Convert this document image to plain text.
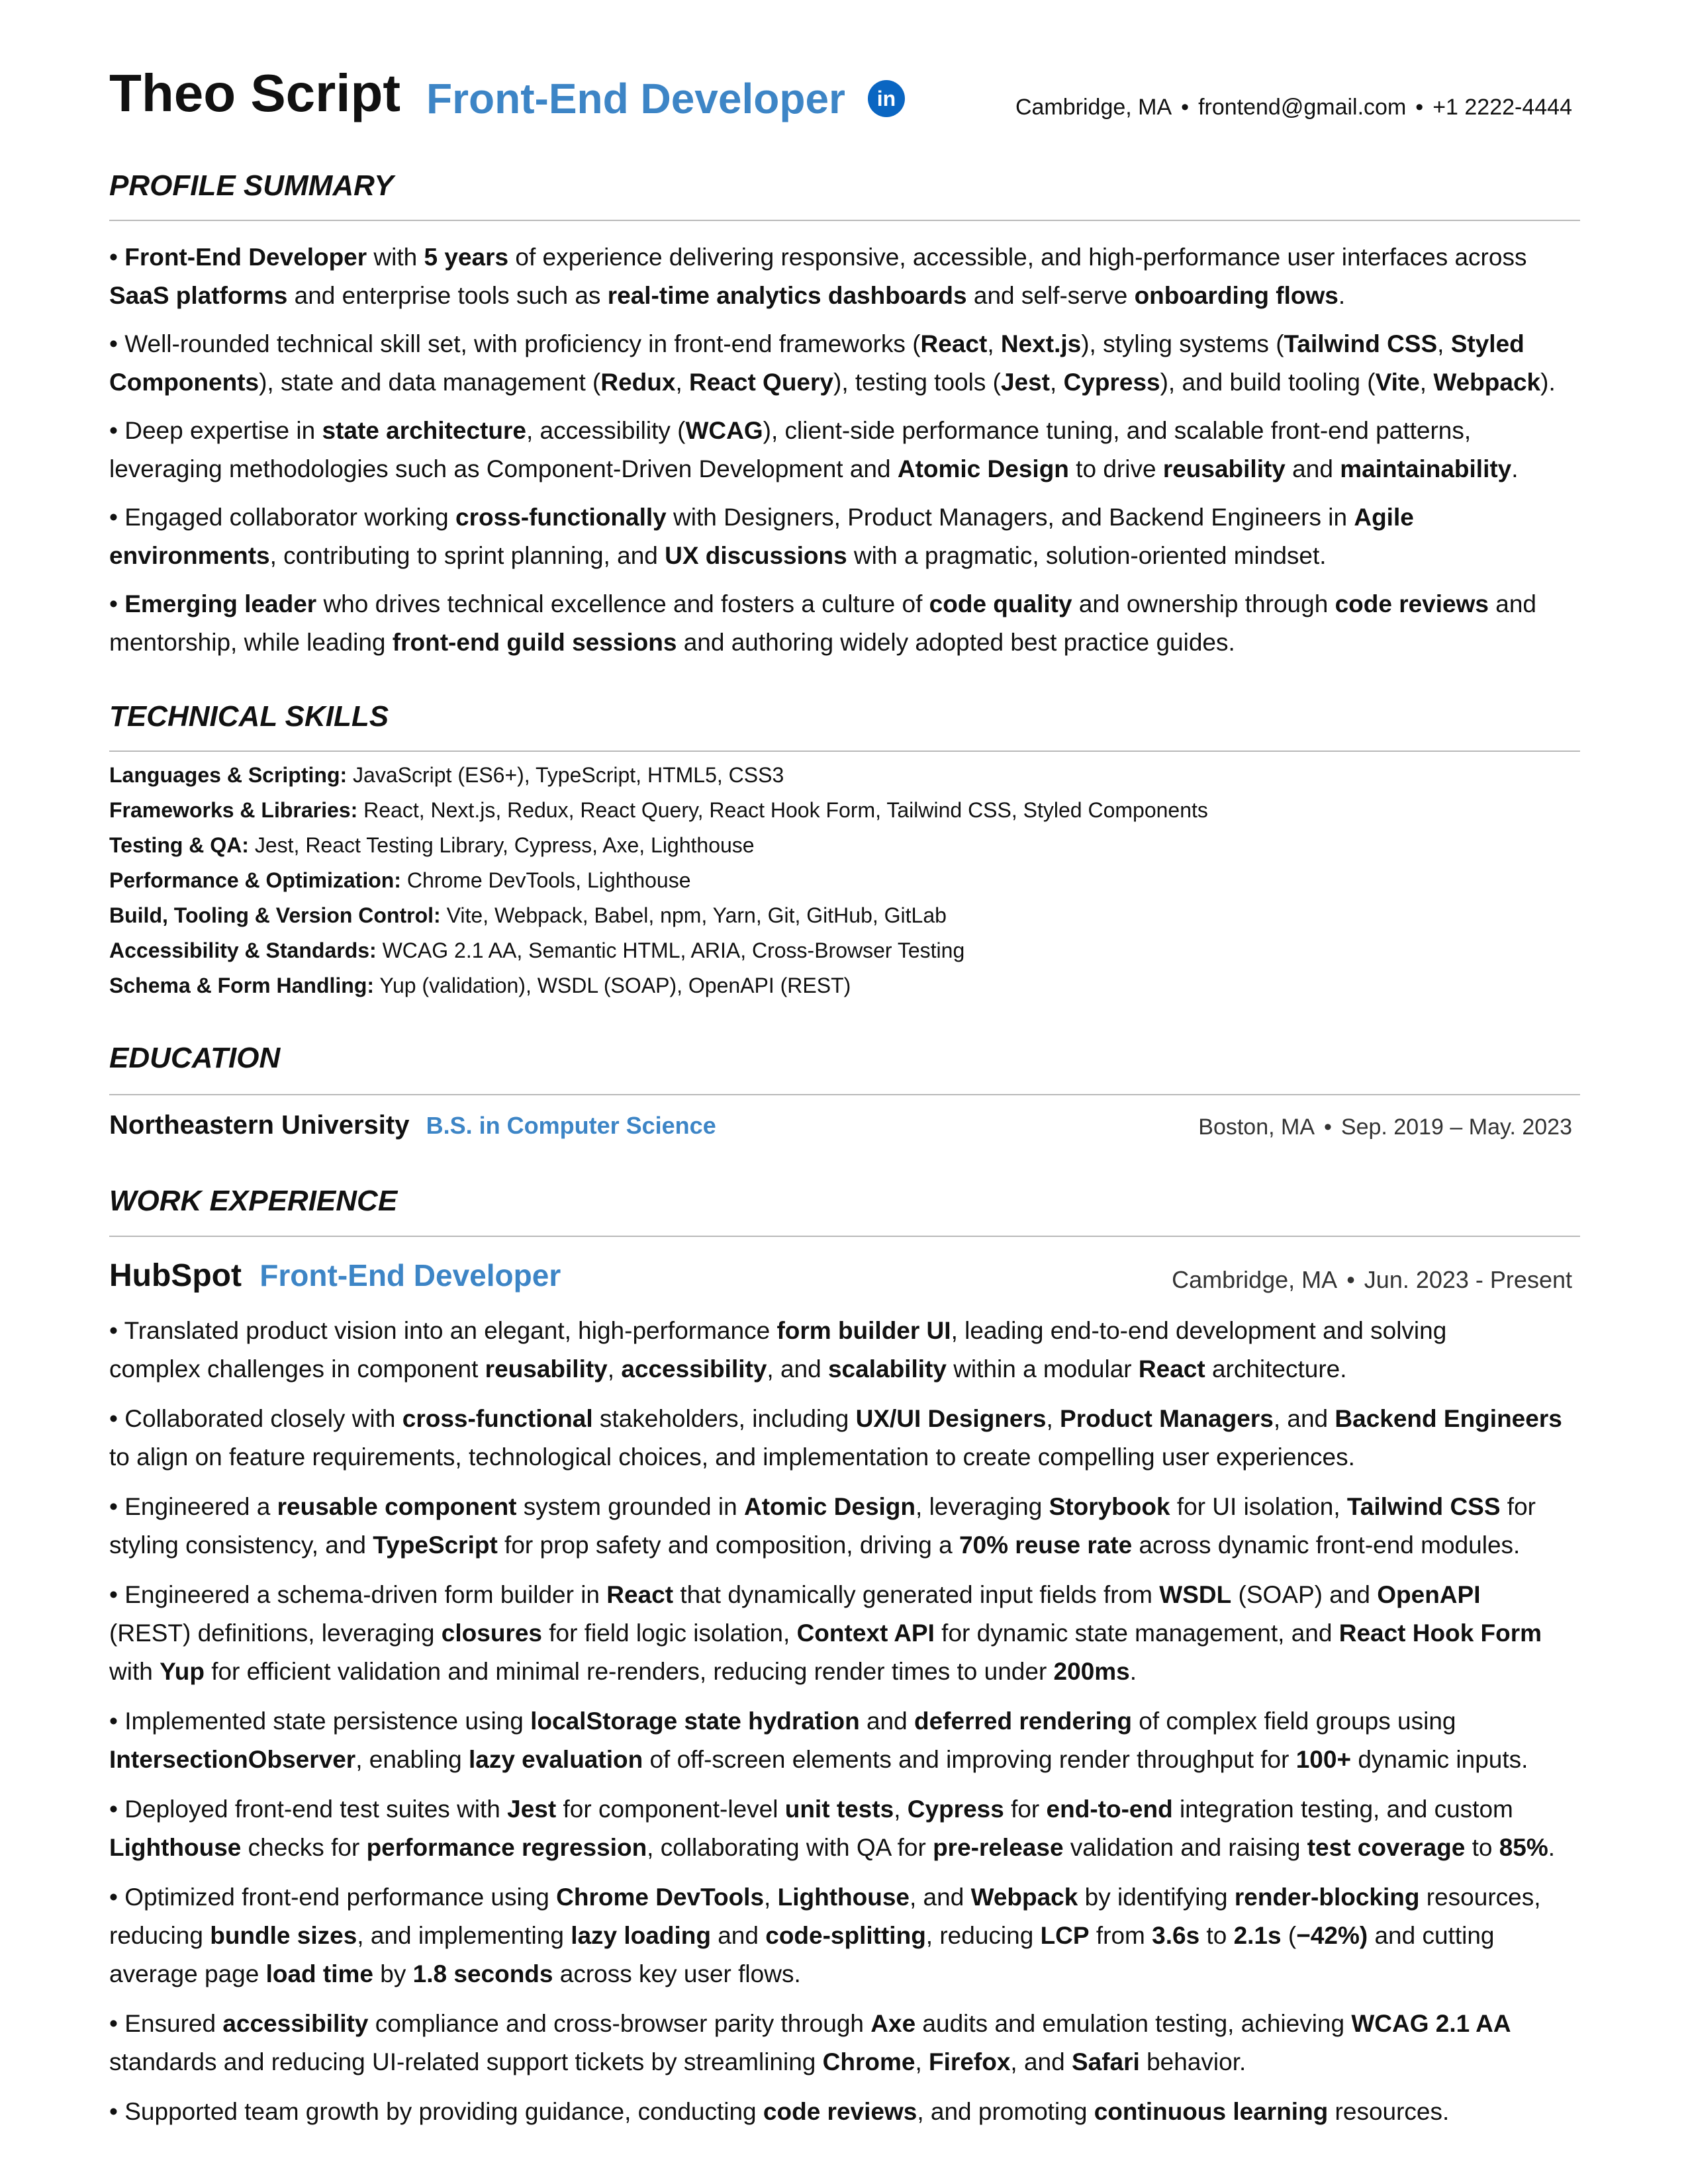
Theo Script Front-End Developer	in	Cambridge, MA • frontend@gmail.com • +1 2222-4444
PROFILE SUMMARY
• Front-End Developer with 5 years of experience delivering responsive, accessible, and high-performance user interfaces across
SaaS platforms and enterprise tools such as real-time analytics dashboards and self-serve onboarding flows.
• Well-rounded technical skill set, with proficiency in front-end frameworks (React, Next.js), styling systems (Tailwind CSS, Styled
Components), state and data management (Redux, React Query), testing tools (Jest, Cypress), and build tooling (Vite, Webpack).
• Deep expertise in state architecture, accessibility (WCAG), client-side performance tuning, and scalable front-end patterns,
leveraging methodologies such as Component-Driven Development and Atomic Design to drive reusability and maintainability.
• Engaged collaborator working cross-functionally with Designers, Product Managers, and Backend Engineers in Agile
environments, contributing to sprint planning, and UX discussions with a pragmatic, solution-oriented mindset.
• Emerging leader who drives technical excellence and fosters a culture of code quality and ownership through code reviews and
mentorship, while leading front-end guild sessions and authoring widely adopted best practice guides.
TECHNICAL SKILLS
Languages & Scripting: JavaScript (ES6+), TypeScript, HTML5, CSS3
Frameworks & Libraries: React, Next.js, Redux, React Query, React Hook Form, Tailwind CSS, Styled Components
Testing & QA: Jest, React Testing Library, Cypress, Axe, Lighthouse
Performance & Optimization: Chrome DevTools, Lighthouse
Build, Tooling & Version Control: Vite, Webpack, Babel, npm, Yarn, Git, GitHub, GitLab
Accessibility & Standards: WCAG 2.1 AA, Semantic HTML, ARIA, Cross-Browser Testing
Schema & Form Handling: Yup (validation), WSDL (SOAP), OpenAPI (REST)
EDUCATION
Northeastern University B.S. in Computer Science	Boston, MA • Sep. 2019 – May. 2023
WORK EXPERIENCE
HubSpot Front-End Developer	Cambridge, MA • Jun. 2023 - Present
• Translated product vision into an elegant, high-performance form builder UI, leading end-to-end development and solving
complex challenges in component reusability, accessibility, and scalability within a modular React architecture.
• Collaborated closely with cross-functional stakeholders, including UX/UI Designers, Product Managers, and Backend Engineers
to align on feature requirements, technological choices, and implementation to create compelling user experiences.
• Engineered a reusable component system grounded in Atomic Design, leveraging Storybook for UI isolation, Tailwind CSS for
styling consistency, and TypeScript for prop safety and composition, driving a 70% reuse rate across dynamic front-end modules.
• Engineered a schema-driven form builder in React that dynamically generated input fields from WSDL (SOAP) and OpenAPI
(REST) definitions, leveraging closures for field logic isolation, Context API for dynamic state management, and React Hook Form
with Yup for efficient validation and minimal re-renders, reducing render times to under 200ms.
• Implemented state persistence using localStorage state hydration and deferred rendering of complex field groups using
IntersectionObserver, enabling lazy evaluation of off-screen elements and improving render throughput for 100+ dynamic inputs.
• Deployed front-end test suites with Jest for component-level unit tests, Cypress for end-to-end integration testing, and custom
Lighthouse checks for performance regression, collaborating with QA for pre-release validation and raising test coverage to 85%.
• Optimized front-end performance using Chrome DevTools, Lighthouse, and Webpack by identifying render-blocking resources,
reducing bundle sizes, and implementing lazy loading and code-splitting, reducing LCP from 3.6s to 2.1s (−42%) and cutting
average page load time by 1.8 seconds across key user flows.
• Ensured accessibility compliance and cross-browser parity through Axe audits and emulation testing, achieving WCAG 2.1 AA
standards and reducing UI-related support tickets by streamlining Chrome, Firefox, and Safari behavior.
• Supported team growth by providing guidance, conducting code reviews, and promoting continuous learning resources.
